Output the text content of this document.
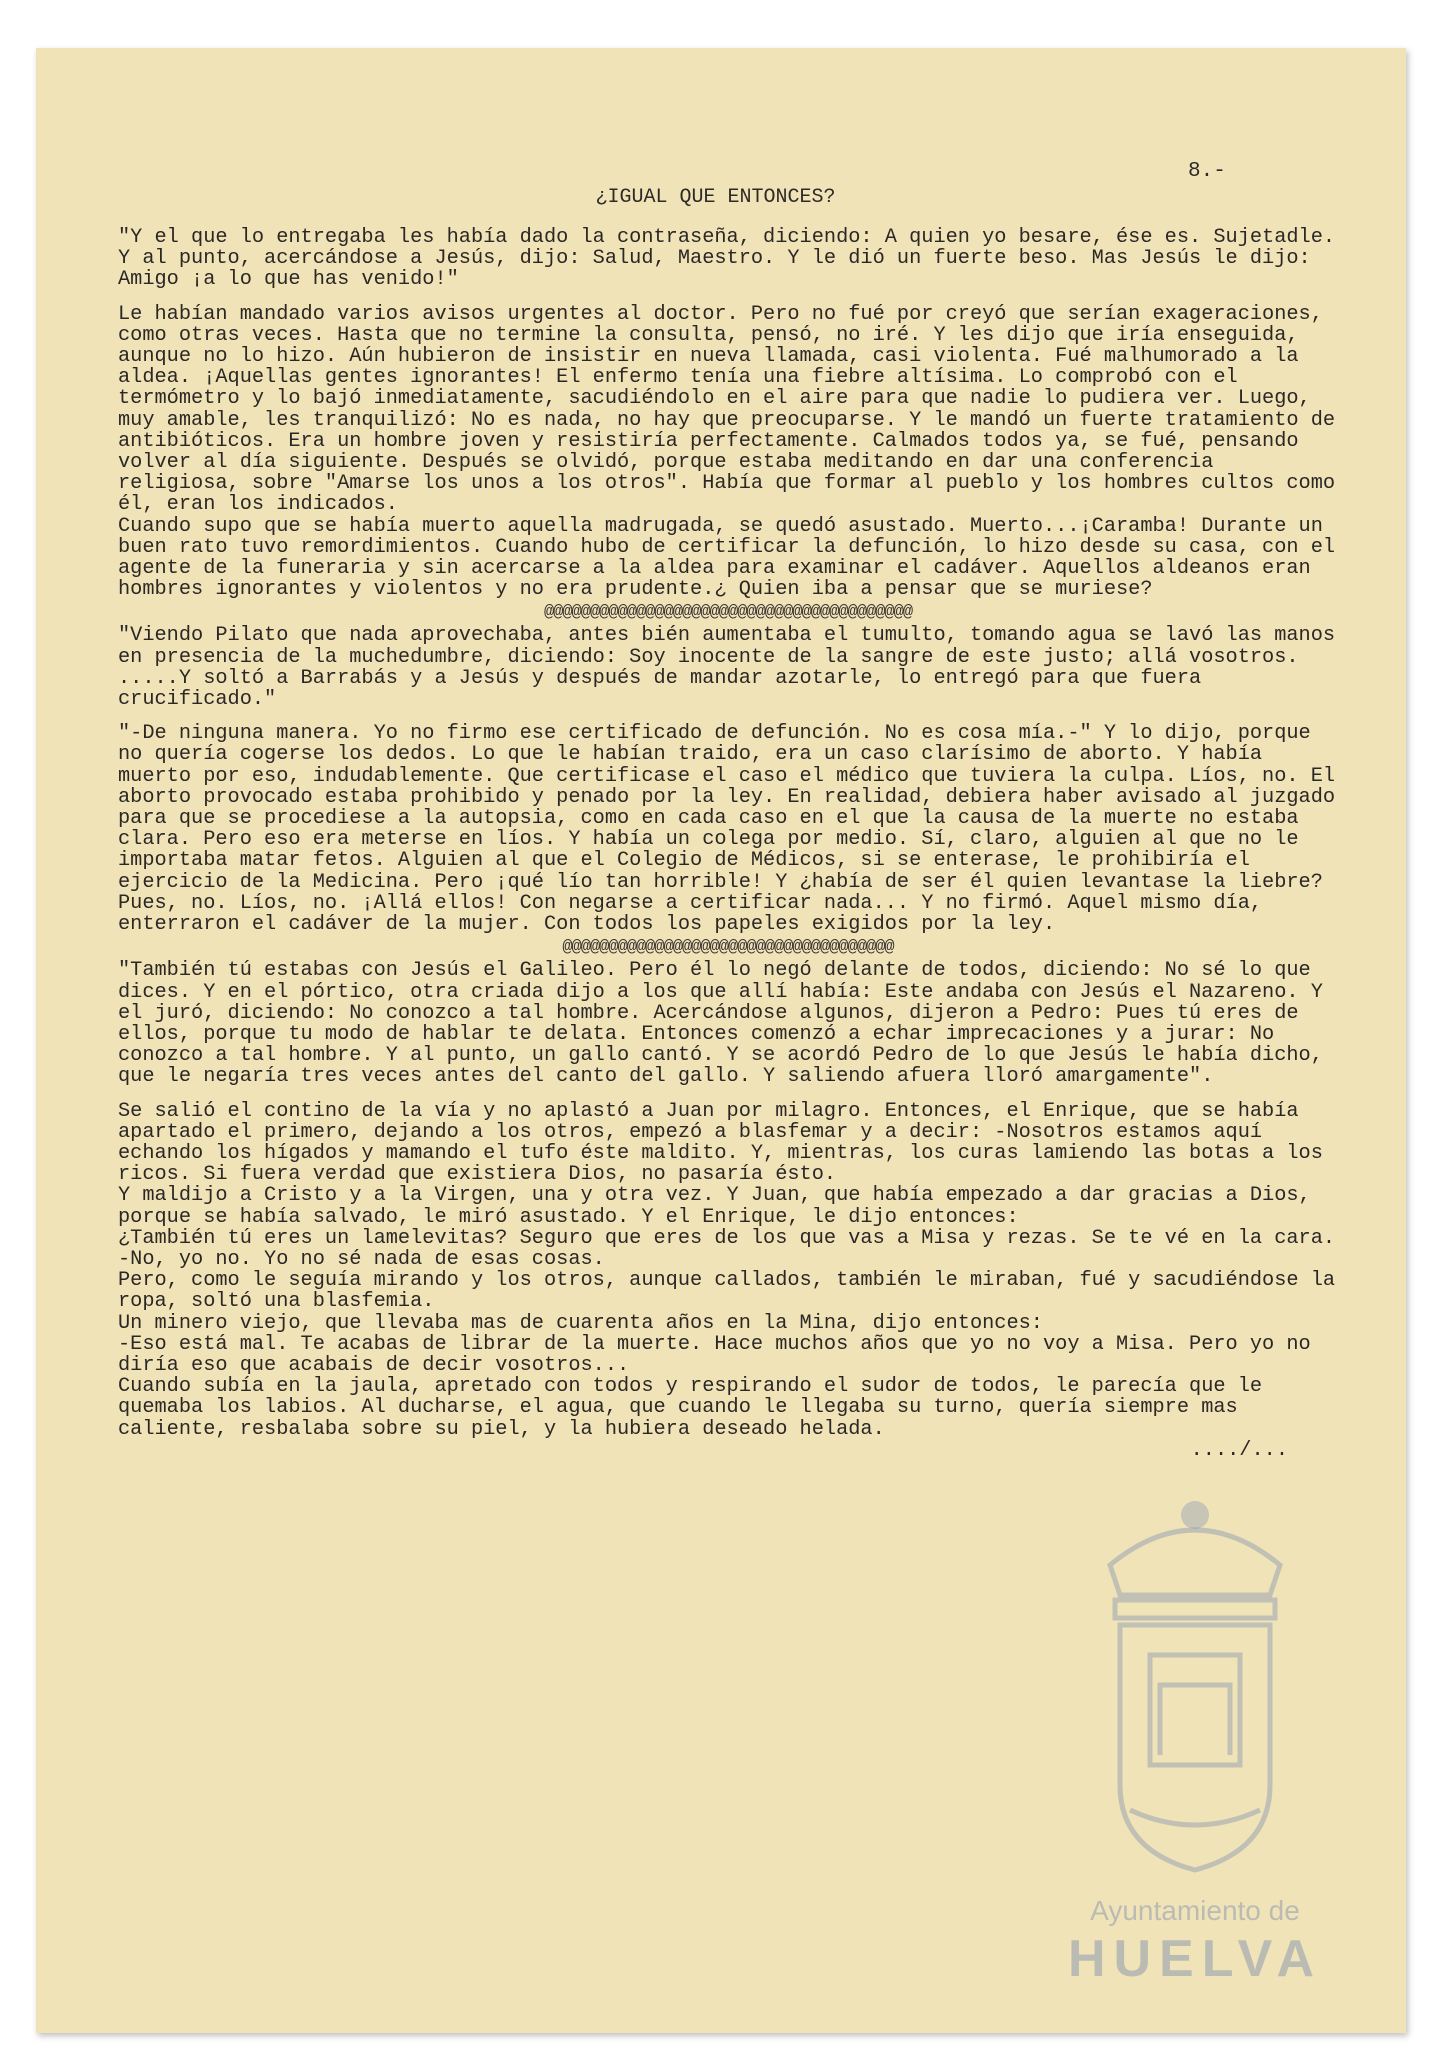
8.-
¿IGUAL QUE ENTONCES?

"Y el que lo entregaba les había dado la contraseña, diciendo: A quien yo besare, ése es. Sujetadle. Y al punto, acercándose a Jesús, dijo: Salud, Maestro. Y le dió un fuerte beso. Mas Jesús le dijo: Amigo ¡a lo que has venido!"

Le habían mandado varios avisos urgentes al doctor. Pero no fué por creyó que serían exageraciones, como otras veces. Hasta que no termine la consulta, pensó, no iré. Y les dijo que iría enseguida, aunque no lo hizo. Aún hubieron de insistir en nueva llamada, casi violenta. Fué malhumorado a la aldea. ¡Aquellas gentes ignorantes! El enfermo tenía una fiebre altísima. Lo comprobó con el termómetro y lo bajó inmediatamente, sacudiéndolo en el aire para que nadie lo pudiera ver. Luego, muy amable, les tranquilizó: No es nada, no hay que preocuparse. Y le mandó un fuerte tratamiento de antibióticos. Era un hombre joven y resistiría perfectamente. Calmados todos ya, se fué, pensando volver al día siguiente. Después se olvidó, porque estaba meditando en dar una conferencia religiosa, sobre "Amarse los unos a los otros". Había que formar al pueblo y los hombres cultos como él, eran los indicados.

Cuando supo que se había muerto aquella madrugada, se quedó asustado. Muerto...¡Caramba! Durante un buen rato tuvo remordimientos. Cuando hubo de certificar la defunción, lo hizo desde su casa, con el agente de la funeraria y sin acercarse a la aldea para examinar el cadáver. Aquellos aldeanos eran hombres ignorantes y violentos y no era prudente.¿ Quien iba a pensar que se muriese?

@@@@@@@@@@@@@@@@@@@@@@@@@@@@@@@@@@@@@@@@

"Viendo Pilato que nada aprovechaba, antes bién aumentaba el tumulto, tomando agua se lavó las manos en presencia de la muchedumbre, diciendo: Soy inocente de la sangre de este justo; allá vosotros. .....Y soltó a Barrabás y a Jesús y después de mandar azotarle, lo entregó para que fuera crucificado."

"-De ninguna manera. Yo no firmo ese certificado de defunción. No es cosa mía.-" Y lo dijo, porque no quería cogerse los dedos. Lo que le habían traido, era un caso clarísimo de aborto. Y había muerto por eso, indudablemente. Que certificase el caso el médico que tuviera la culpa. Líos, no. El aborto provocado estaba prohibido y penado por la ley. En realidad, debiera haber avisado al juzgado para que se procediese a la autopsia, como en cada caso en el que la causa de la muerte no estaba clara. Pero eso era meterse en líos. Y había un colega por medio. Sí, claro, alguien al que no le importaba matar fetos. Alguien al que el Colegio de Médicos, si se enterase, le prohibiría el ejercicio de la Medicina. Pero ¡qué lío tan horrible! Y ¿había de ser él quien levantase la liebre? Pues, no. Líos, no. ¡Allá ellos! Con negarse a certificar nada... Y no firmó. Aquel mismo día, enterraron el cadáver de la mujer. Con todos los papeles exigidos por la ley.

@@@@@@@@@@@@@@@@@@@@@@@@@@@@@@@@@@@@

"También tú estabas con Jesús el Galileo. Pero él lo negó delante de todos, diciendo: No sé lo que dices. Y en el pórtico, otra criada dijo a los que allí había: Este andaba con Jesús el Nazareno. Y el juró, diciendo: No conozco a tal hombre. Acercándose algunos, dijeron a Pedro: Pues tú eres de ellos, porque tu modo de hablar te delata. Entonces comenzó a echar imprecaciones y a jurar: No conozco a tal hombre. Y al punto, un gallo cantó. Y se acordó Pedro de lo que Jesús le había dicho, que le negaría tres veces antes del canto del gallo. Y saliendo afuera lloró amargamente".

Se salió el contino de la vía y no aplastó a Juan por milagro. Entonces, el Enrique, que se había apartado el primero, dejando a los otros, empezó a blasfemar y a decir: -Nosotros estamos aquí echando los hígados y mamando el tufo éste maldito. Y, mientras, los curas lamiendo las botas a los ricos. Si fuera verdad que existiera Dios, no pasaría ésto.

Y maldijo a Cristo y a la Virgen, una y otra vez. Y Juan, que había empezado a dar gracias a Dios, porque se había salvado, le miró asustado. Y el Enrique, le dijo entonces:

¿También tú eres un lamelevitas? Seguro que eres de los que vas a Misa y rezas. Se te vé en la cara.

-No, yo no. Yo no sé nada de esas cosas.

Pero, como le seguía mirando y los otros, aunque callados, también le miraban, fué y sacudiéndose la ropa, soltó una blasfemia.

Un minero viejo, que llevaba mas de cuarenta años en la Mina, dijo entonces:

-Eso está mal. Te acabas de librar de la muerte. Hace muchos años que yo no voy a Misa. Pero yo no diría eso que acabais de decir vosotros...

Cuando subía en la jaula, apretado con todos y respirando el sudor de todos, le parecía que le quemaba los labios. Al ducharse, el agua, que cuando le llegaba su turno, quería siempre mas caliente, resbalaba sobre su piel, y la hubiera deseado helada.

..../...

Ayuntamiento de
HUELVA
